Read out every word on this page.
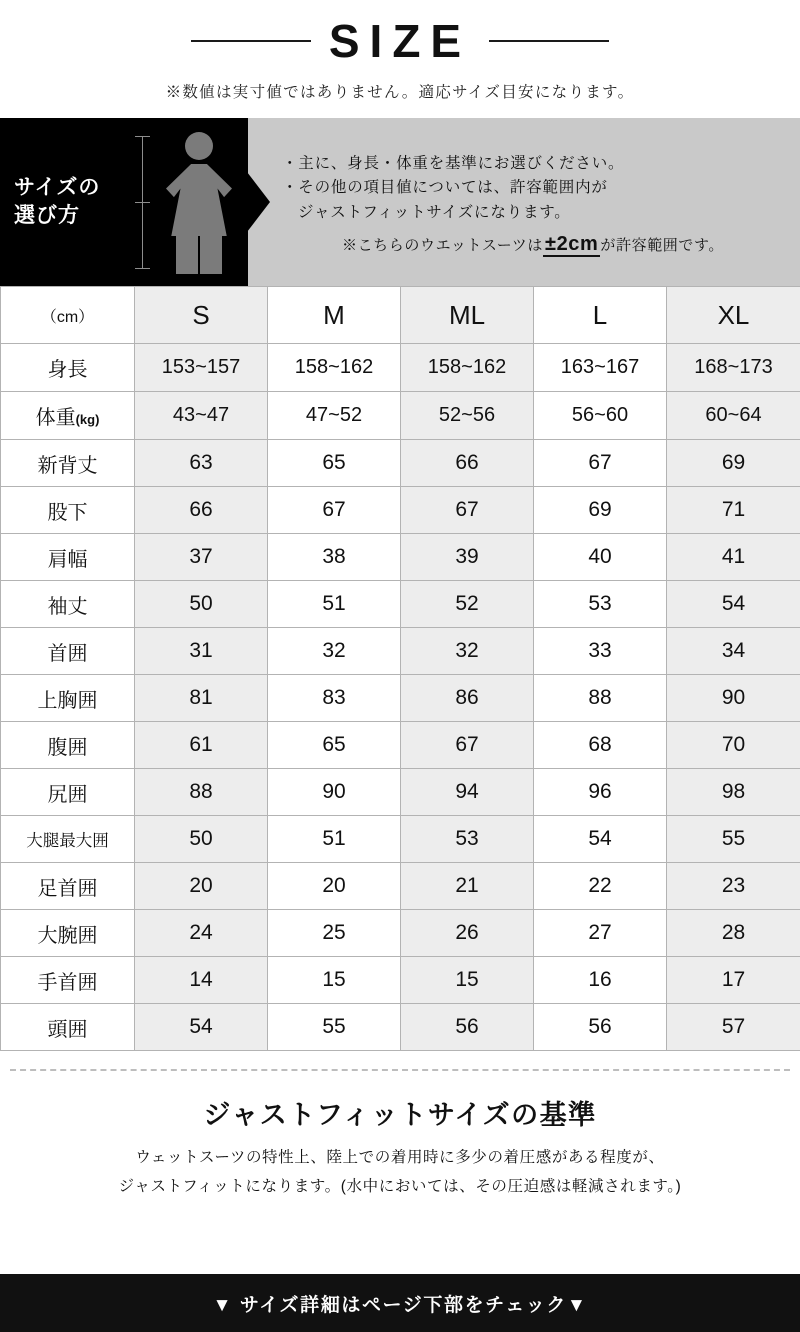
SIZE
※数値は実寸値ではありません。適応サイズ目安になります。
サイズの
選び方
・主に、身長・体重を基準にお選びください。
・その他の項目値については、許容範囲内が
ジャストフィットサイズになります。
※こちらのウエットスーツは ±2cm が許容範囲です。
（cm）	S	M	ML	L	XL
身長	153~157	158~162	158~162	163~167	168~173
体重(kg)	43~47	47~52	52~56	56~60	60~64
新背丈	63	65	66	67	69
股下	66	67	67	69	71
肩幅	37	38	39	40	41
袖丈	50	51	52	53	54
首囲	31	32	32	33	34
上胸囲	81	83	86	88	90
腹囲	61	65	67	68	70
尻囲	88	90	94	96	98
大腿最大囲	50	51	53	54	55
足首囲	20	20	21	22	23
大腕囲	24	25	26	27	28
手首囲	14	15	15	16	17
頭囲	54	55	56	56	57
ジャストフィットサイズの基準
ウェットスーツの特性上、陸上での着用時に多少の着圧感がある程度が、
ジャストフィットになります。(水中においては、その圧迫感は軽減されます。)
▼ サイズ詳細はページ下部をチェック▼
